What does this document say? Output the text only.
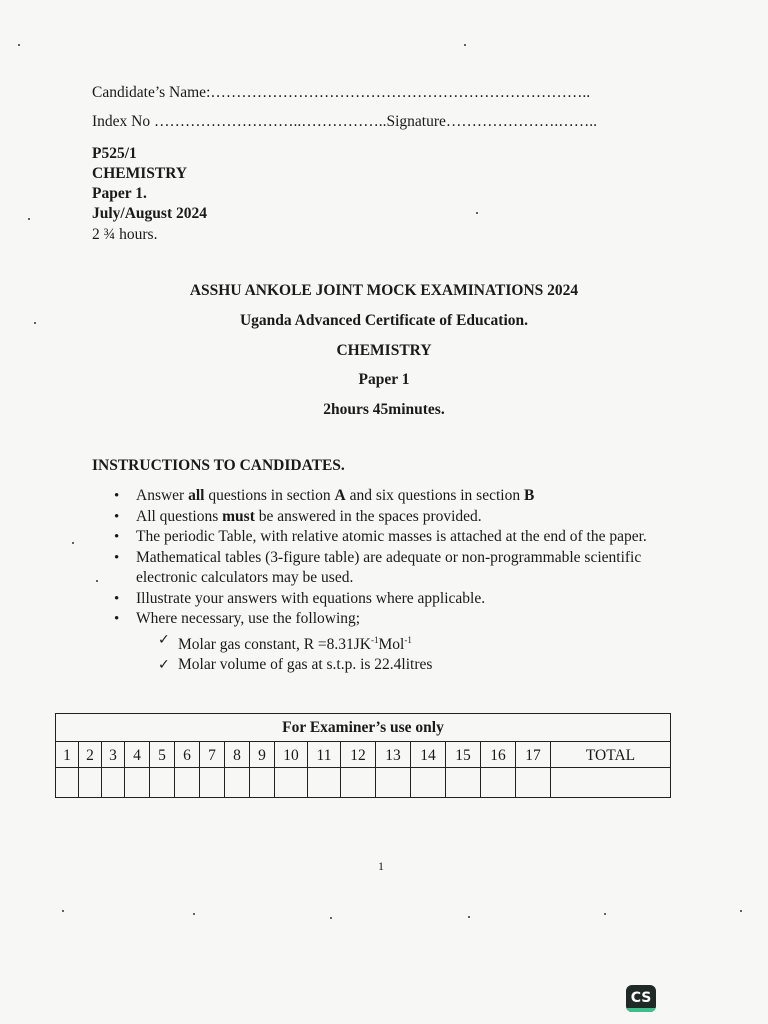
Candidate’s Name:………………………………………………………………..
Index No ………………………..……………..Signature………………….……..
P525/1
CHEMISTRY
Paper 1.
July/August 2024
2 ¾ hours.
ASSHU ANKOLE JOINT MOCK EXAMINATIONS 2024
Uganda Advanced Certificate of Education.
CHEMISTRY
Paper 1
2hours 45minutes.
INSTRUCTIONS TO CANDIDATES.
• Answer all questions in section A and six questions in section B
• All questions must be answered in the spaces provided.
• The periodic Table, with relative atomic masses is attached at the end of the paper.
• Mathematical tables (3-figure table) are adequate or non-programmable scientific electronic calculators may be used.
• Illustrate your answers with equations where applicable.
• Where necessary, use the following;
✓ Molar gas constant, $R =8.31JK^{-1}Mol^{-1}$
✓ Molar volume of gas at s.t.p. is 22.4litres
For Examiner’s use only																	
1	2	3	4	5	6	7	8	9	10	11	12	13	14	15	16	17	TOTAL

1
CS
